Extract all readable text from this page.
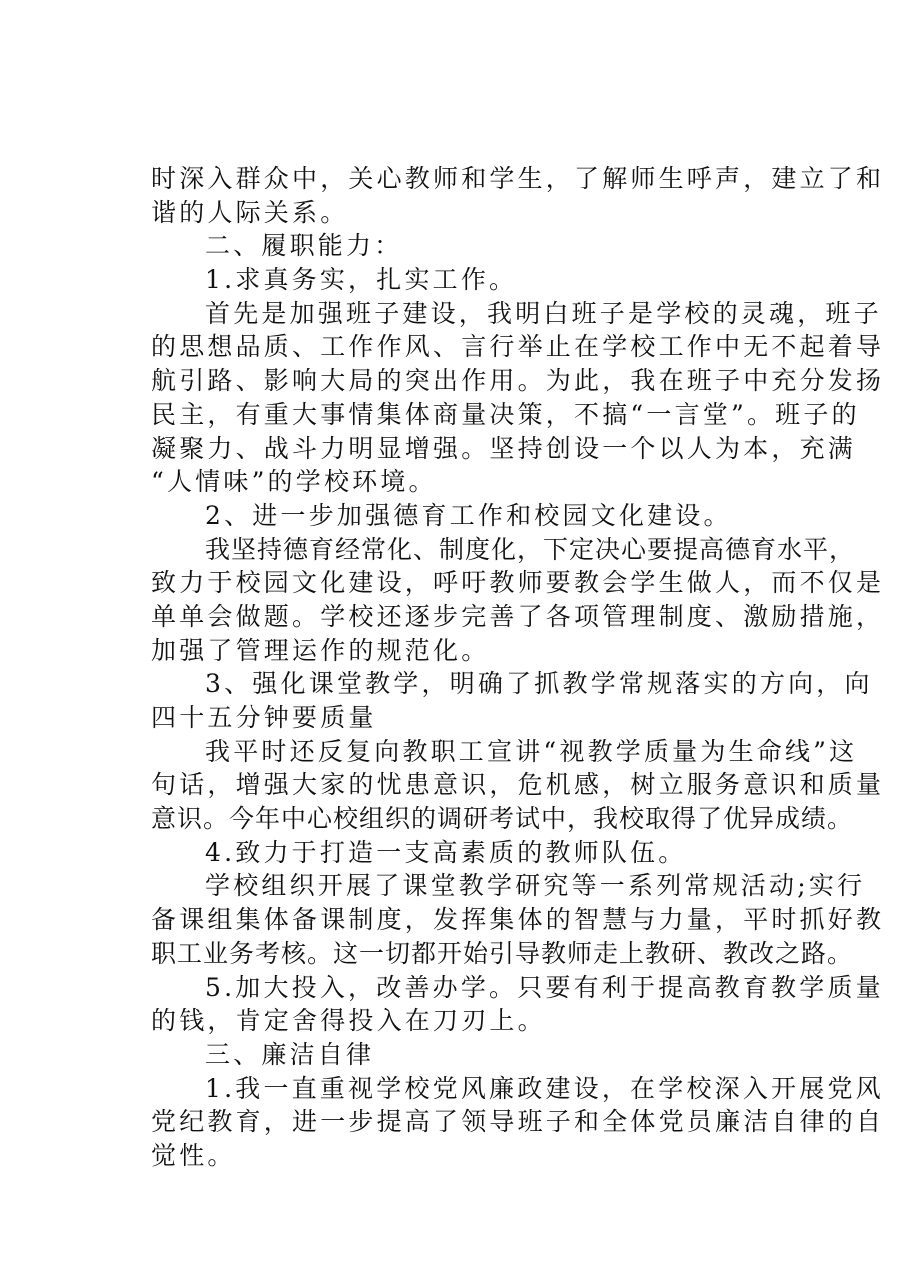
时深入群众中，关心教师和学生，了解师生呼声，建立了和
谐的人际关系。
二、履职能力：
1.求真务实，扎实工作。
首先是加强班子建设，我明白班子是学校的灵魂，班子
的思想品质、工作作风、言行举止在学校工作中无不起着导
航引路、影响大局的突出作用。为此，我在班子中充分发扬
民主，有重大事情集体商量决策，不搞“一言堂”。班子的
凝聚力、战斗力明显增强。坚持创设一个以人为本，充满
“人情味”的学校环境。
2、进一步加强德育工作和校园文化建设。
我坚持德育经常化、制度化，下定决心要提高德育水平，
致力于校园文化建设，呼吁教师要教会学生做人，而不仅是
单单会做题。学校还逐步完善了各项管理制度、激励措施，
加强了管理运作的规范化。
3、强化课堂教学，明确了抓教学常规落实的方向，向
四十五分钟要质量
我平时还反复向教职工宣讲“视教学质量为生命线”这
句话，增强大家的忧患意识，危机感，树立服务意识和质量
意识。今年中心校组织的调研考试中，我校取得了优异成绩。
4.致力于打造一支高素质的教师队伍。
学校组织开展了课堂教学研究等一系列常规活动;实行
备课组集体备课制度，发挥集体的智慧与力量，平时抓好教
职工业务考核。这一切都开始引导教师走上教研、教改之路。
5.加大投入，改善办学。只要有利于提高教育教学质量
的钱，肯定舍得投入在刀刃上。
三、廉洁自律
1.我一直重视学校党风廉政建设，在学校深入开展党风
党纪教育，进一步提高了领导班子和全体党员廉洁自律的自
觉性。
